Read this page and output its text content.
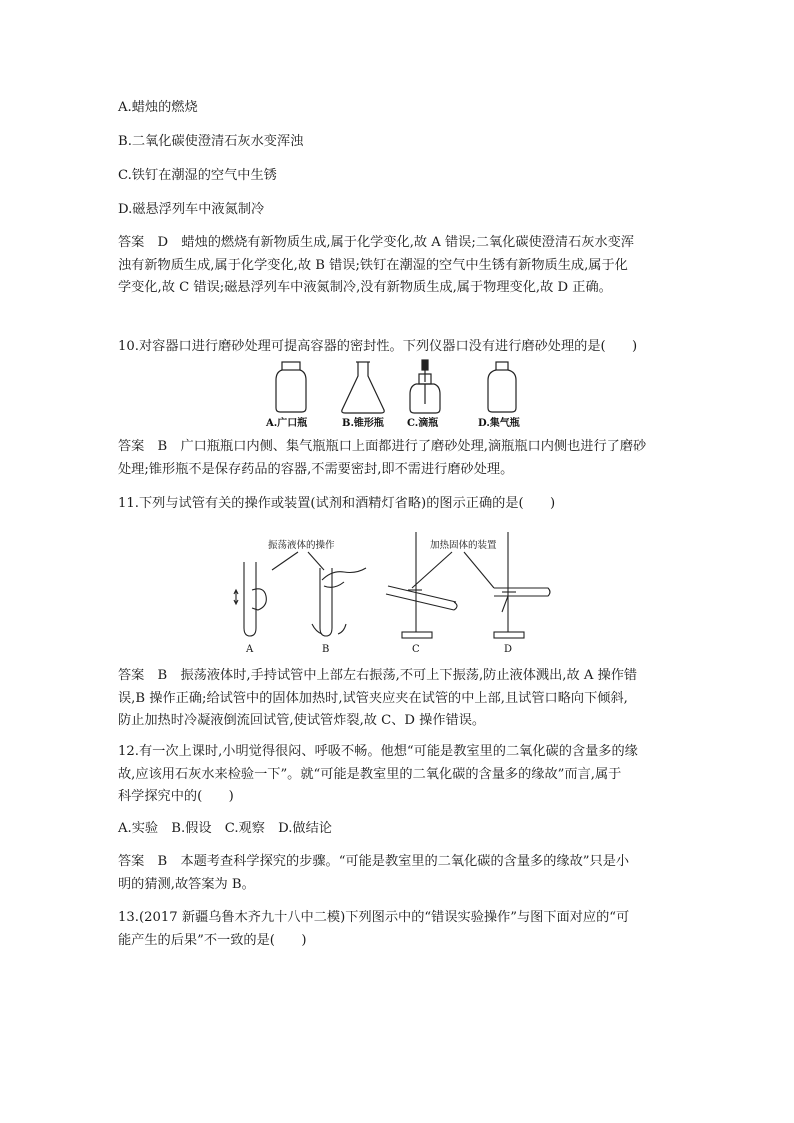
A.蜡烛的燃烧
B.二氧化碳使澄清石灰水变浑浊
C.铁钉在潮湿的空气中生锈
D.磁悬浮列车中液氮制冷
答案　D　蜡烛的燃烧有新物质生成,属于化学变化,故 A 错误;二氧化碳使澄清石灰水变浑
浊有新物质生成,属于化学变化,故 B 错误;铁钉在潮湿的空气中生锈有新物质生成,属于化
学变化,故 C 错误;磁悬浮列车中液氮制冷,没有新物质生成,属于物理变化,故 D 正确。
10.对容器口进行磨砂处理可提高容器的密封性。下列仪器口没有进行磨砂处理的是(　　)
A.广口瓶	B.锥形瓶 C.滴瓶	D.集气瓶
答案　B　广口瓶瓶口内侧、集气瓶瓶口上面都进行了磨砂处理,滴瓶瓶口内侧也进行了磨砂
处理;锥形瓶不是保存药品的容器,不需要密封,即不需进行磨砂处理。
11.下列与试管有关的操作或装置(试剂和酒精灯省略)的图示正确的是(　　)
振荡液体的操作	加热固体的装置
A	B	C	D
答案　B　振荡液体时,手持试管中上部左右振荡,不可上下振荡,防止液体溅出,故 A 操作错
误,B 操作正确;给试管中的固体加热时,试管夹应夹在试管的中上部,且试管口略向下倾斜,
防止加热时冷凝液倒流回试管,使试管炸裂,故 C、D 操作错误。
12.有一次上课时,小明觉得很闷、呼吸不畅。他想“可能是教室里的二氧化碳的含量多的缘
故,应该用石灰水来检验一下”。就“可能是教室里的二氧化碳的含量多的缘故”而言,属于
科学探究中的(　　)
A.实验　B.假设　C.观察　D.做结论
答案　B　本题考查科学探究的步骤。“可能是教室里的二氧化碳的含量多的缘故”只是小
明的猜测,故答案为 B。
13.(2017 新疆乌鲁木齐九十八中二模)下列图示中的“错误实验操作”与图下面对应的“可
能产生的后果”不一致的是(　　)
